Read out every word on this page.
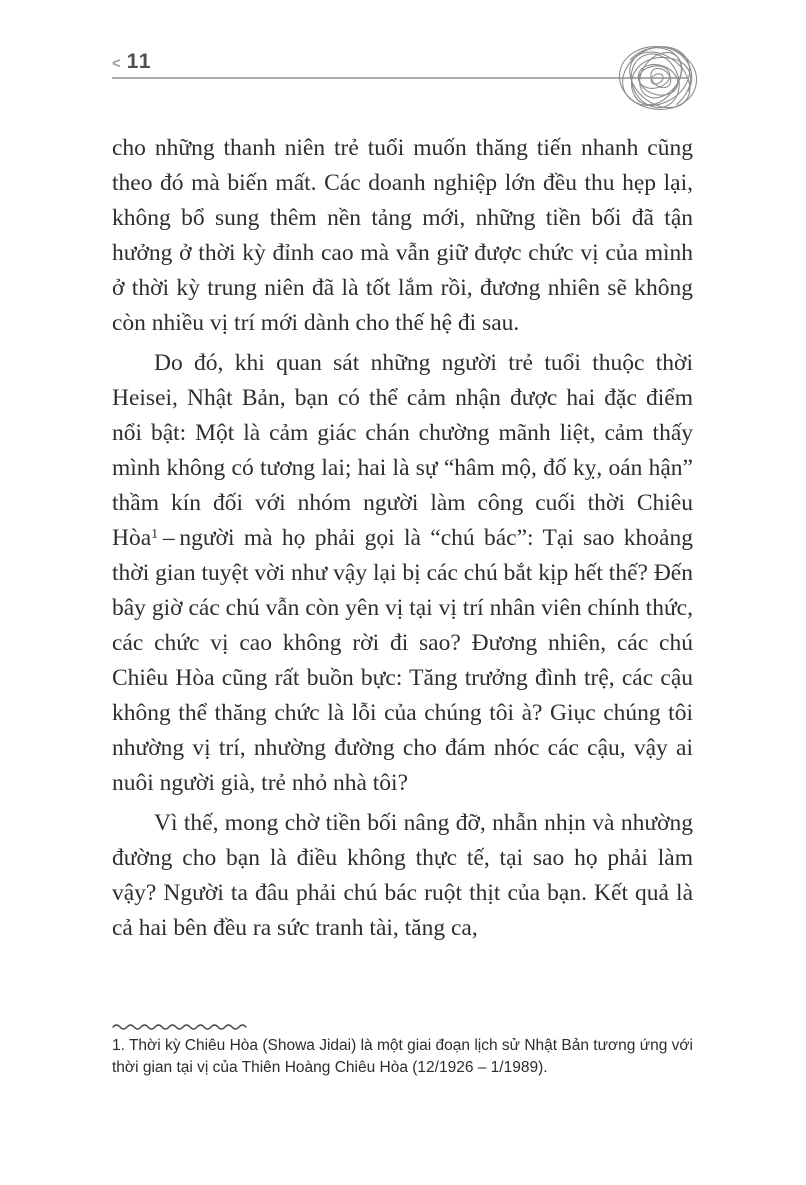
< 11

cho những thanh niên trẻ tuổi muốn thăng tiến nhanh cũng theo đó mà biến mất. Các doanh nghiệp lớn đều thu hẹp lại, không bổ sung thêm nền tảng mới, những tiền bối đã tận hưởng ở thời kỳ đỉnh cao mà vẫn giữ được chức vị của mình ở thời kỳ trung niên đã là tốt lắm rồi, đương nhiên sẽ không còn nhiều vị trí mới dành cho thế hệ đi sau.

Do đó, khi quan sát những người trẻ tuổi thuộc thời Heisei, Nhật Bản, bạn có thể cảm nhận được hai đặc điểm nổi bật: Một là cảm giác chán chường mãnh liệt, cảm thấy mình không có tương lai; hai là sự “hâm mộ, đố kỵ, oán hận” thầm kín đối với nhóm người làm công cuối thời Chiêu Hòa$^1$ – người mà họ phải gọi là “chú bác”: Tại sao khoảng thời gian tuyệt vời như vậy lại bị các chú bắt kịp hết thế? Đến bây giờ các chú vẫn còn yên vị tại vị trí nhân viên chính thức, các chức vị cao không rời đi sao? Đương nhiên, các chú Chiêu Hòa cũng rất buồn bực: Tăng trưởng đình trệ, các cậu không thể thăng chức là lỗi của chúng tôi à? Giục chúng tôi nhường vị trí, nhường đường cho đám nhóc các cậu, vậy ai nuôi người già, trẻ nhỏ nhà tôi?

Vì thế, mong chờ tiền bối nâng đỡ, nhẫn nhịn và nhường đường cho bạn là điều không thực tế, tại sao họ phải làm vậy? Người ta đâu phải chú bác ruột thịt của bạn. Kết quả là cả hai bên đều ra sức tranh tài, tăng ca,

1. Thời kỳ Chiêu Hòa (Showa Jidai) là một giai đoạn lịch sử Nhật Bản tương ứng với thời gian tại vị của Thiên Hoàng Chiêu Hòa (12/1926 – 1/1989).
